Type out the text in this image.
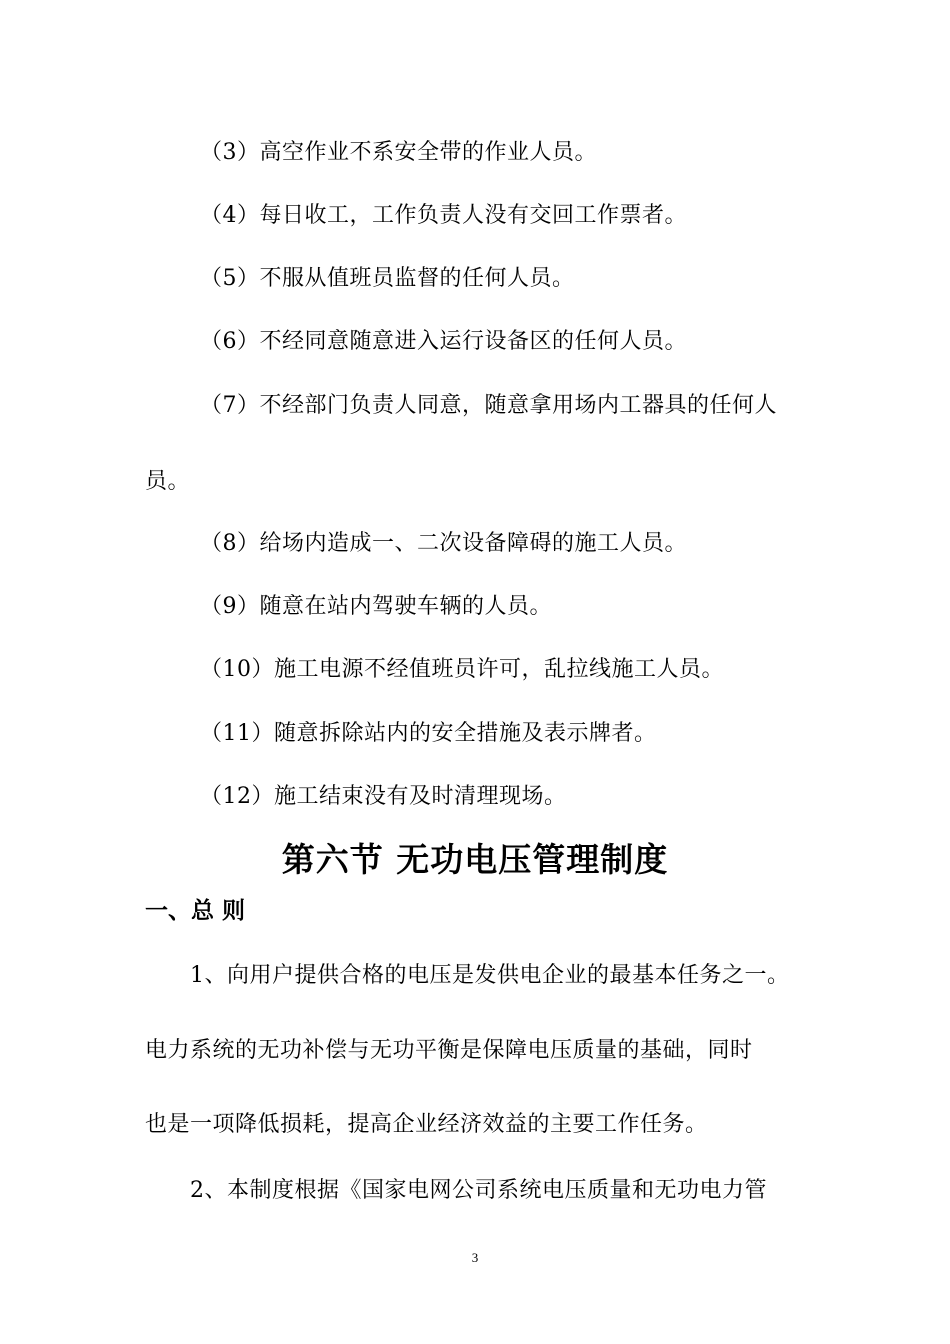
（3）高空作业不系安全带的作业人员。
（4）每日收工，工作负责人没有交回工作票者。
（5）不服从值班员监督的任何人员。
（6）不经同意随意进入运行设备区的任何人员。
（7）不经部门负责人同意，随意拿用场内工器具的任何人
员。
（8）给场内造成一、二次设备障碍的施工人员。
（9）随意在站内驾驶车辆的人员。
（10）施工电源不经值班员许可，乱拉线施工人员。
（11）随意拆除站内的安全措施及表示牌者。
（12）施工结束没有及时清理现场。
第六节 无功电压管理制度
一、总 则
1、向用户提供合格的电压是发供电企业的最基本任务之一。
电力系统的无功补偿与无功平衡是保障电压质量的基础，同时
也是一项降低损耗，提高企业经济效益的主要工作任务。
2、本制度根据《国家电网公司系统电压质量和无功电力管
3
